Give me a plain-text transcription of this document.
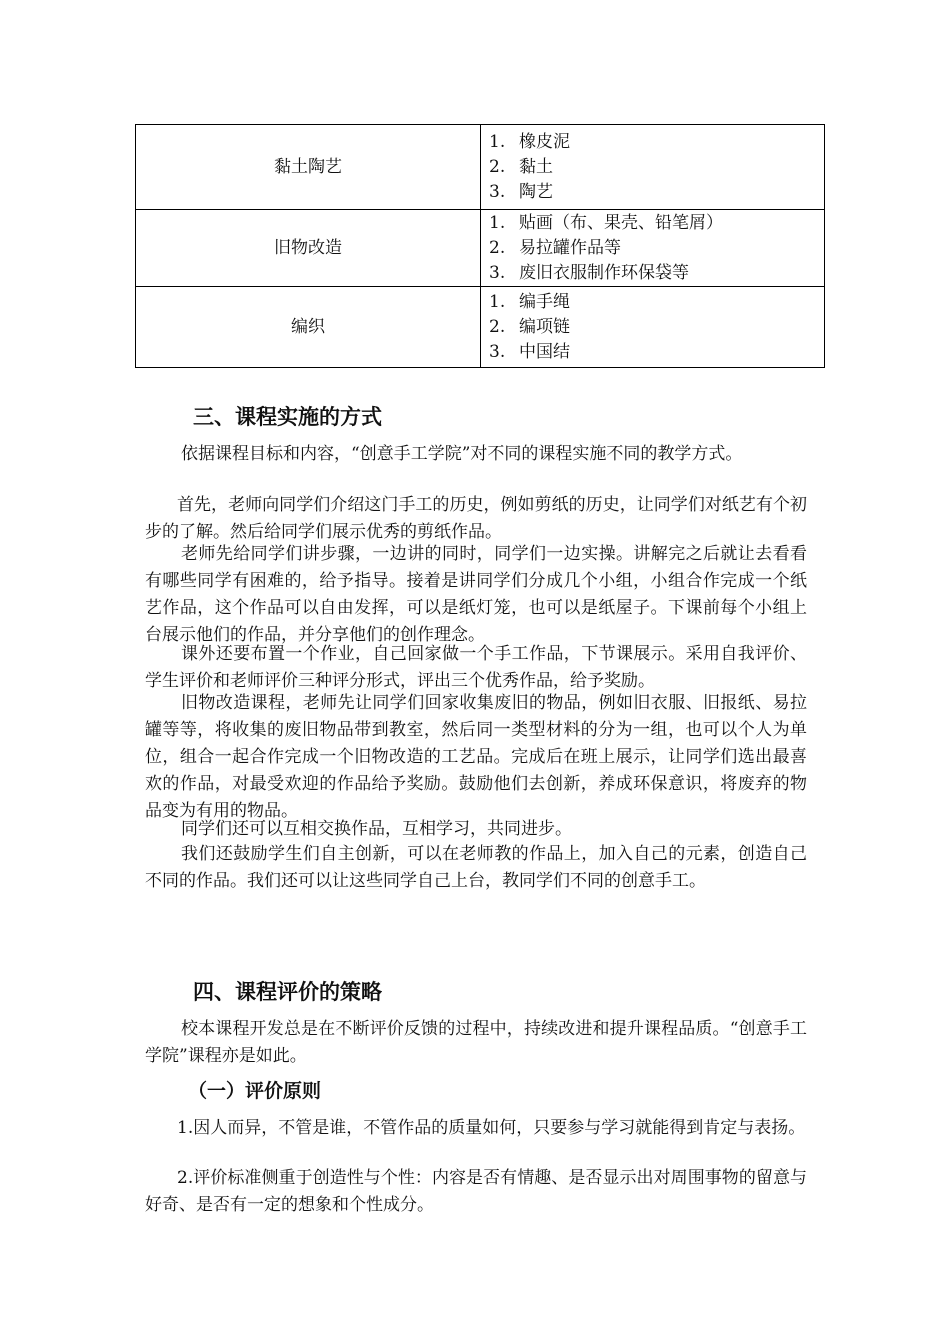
黏土陶艺	1. 橡皮泥
2. 黏土
3. 陶艺

旧物改造	1. 贴画（布、果壳、铅笔屑）
2. 易拉罐作品等
3. 废旧衣服制作环保袋等

编织	1. 编手绳
2. 编项链
3. 中国结
三、课程实施的方式

依据课程目标和内容，“创意手工学院”对不同的课程实施不同的教学方式。

首先，老师向同学们介绍这门手工的历史，例如剪纸的历史，让同学们对纸艺有个初步的了解。然后给同学们展示优秀的剪纸作品。

老师先给同学们讲步骤，一边讲的同时，同学们一边实操。讲解完之后就让去看看有哪些同学有困难的，给予指导。接着是讲同学们分成几个小组，小组合作完成一个纸艺作品，这个作品可以自由发挥，可以是纸灯笼，也可以是纸屋子。下课前每个小组上台展示他们的作品，并分享他们的创作理念。

课外还要布置一个作业，自己回家做一个手工作品，下节课展示。采用自我评价、学生评价和老师评价三种评分形式，评出三个优秀作品，给予奖励。

旧物改造课程，老师先让同学们回家收集废旧的物品，例如旧衣服、旧报纸、易拉罐等等，将收集的废旧物品带到教室，然后同一类型材料的分为一组，也可以个人为单位，组合一起合作完成一个旧物改造的工艺品。完成后在班上展示，让同学们选出最喜欢的作品，对最受欢迎的作品给予奖励。鼓励他们去创新，养成环保意识，将废弃的物品变为有用的物品。

同学们还可以互相交换作品，互相学习，共同进步。

我们还鼓励学生们自主创新，可以在老师教的作品上，加入自己的元素，创造自己不同的作品。我们还可以让这些同学自己上台，教同学们不同的创意手工。

四、课程评价的策略

校本课程开发总是在不断评价反馈的过程中，持续改进和提升课程品质。“创意手工学院”课程亦是如此。

（一）评价原则

1.因人而异，不管是谁，不管作品的质量如何，只要参与学习就能得到肯定与表扬。

2.评价标准侧重于创造性与个性：内容是否有情趣、是否显示出对周围事物的留意与好奇、是否有一定的想象和个性成分。
